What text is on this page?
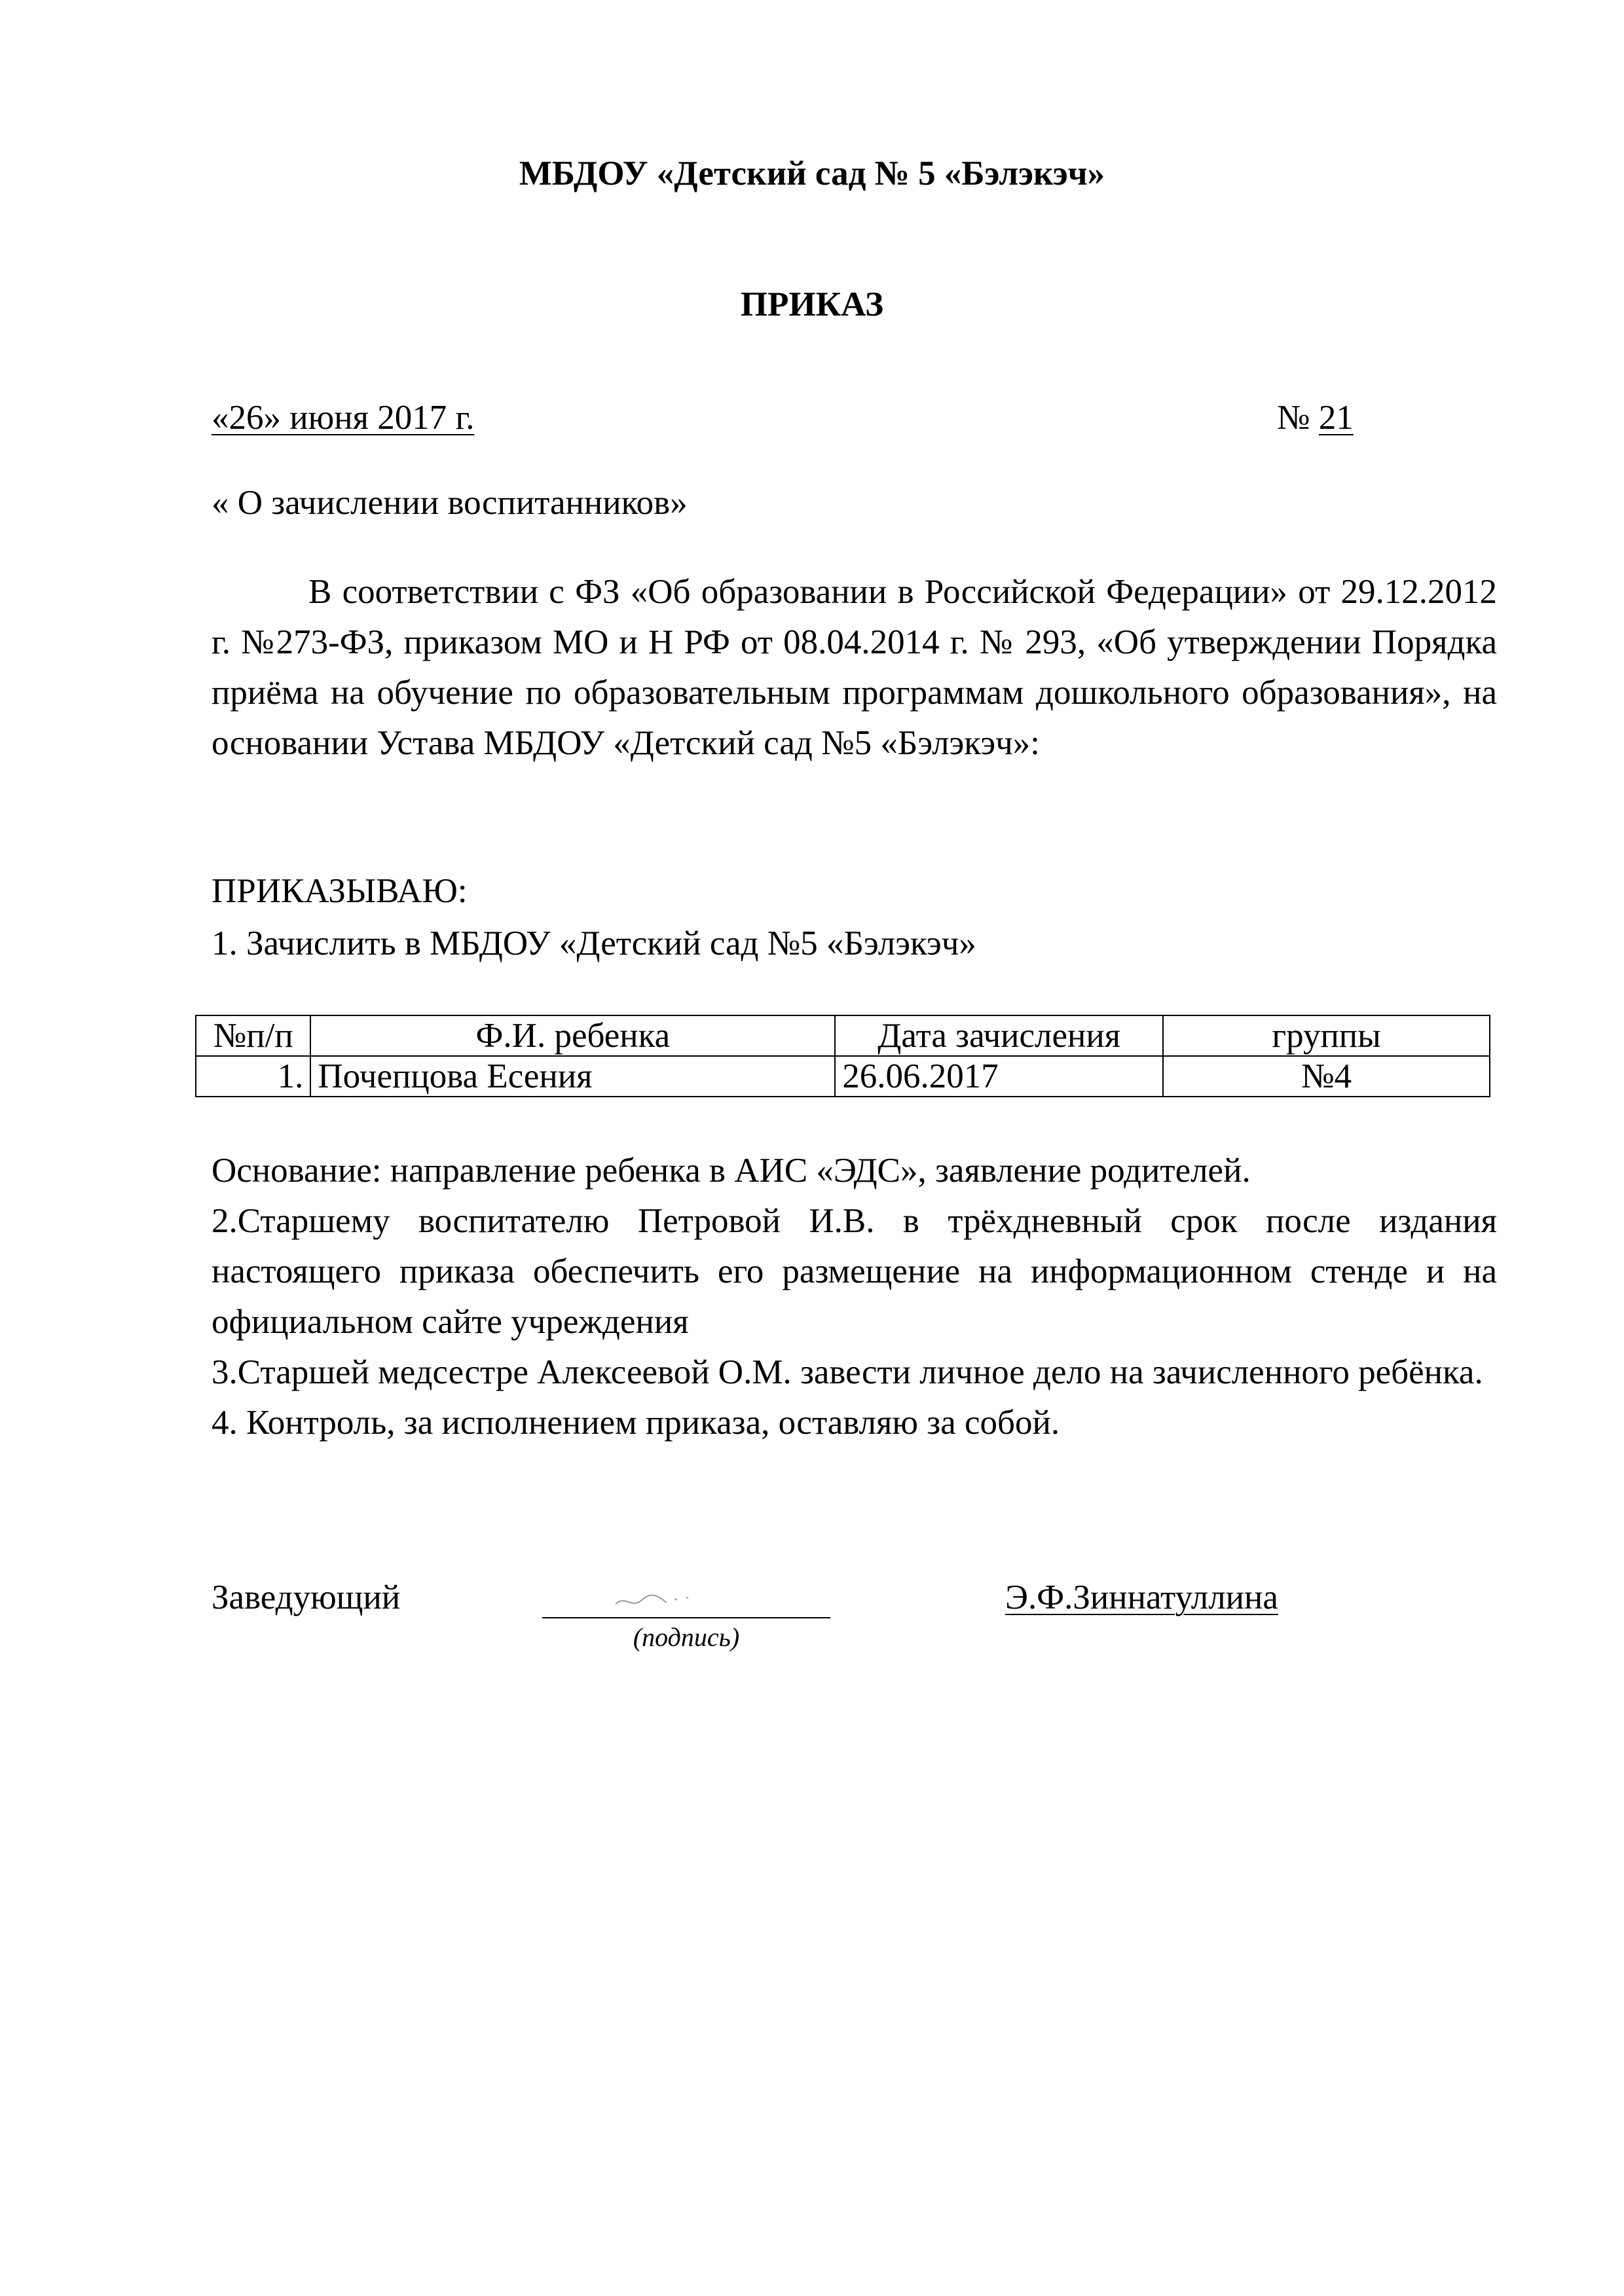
МБДОУ «Детский сад № 5 «Бэлэкэч»
ПРИКАЗ
«26» июня 2017 г.	№ 21
« О зачислении воспитанников»
В соответствии с ФЗ «Об образовании в Российской Федерации» от 29.12.2012 г. №273-ФЗ, приказом МО и Н РФ от 08.04.2014 г. № 293, «Об утверждении Порядка приёма на обучение по образовательным программам дошкольного образования», на основании Устава МБДОУ «Детский сад №5 «Бэлэкэч»:
ПРИКАЗЫВАЮ:
1. Зачислить в МБДОУ «Детский сад №5 «Бэлэкэч»
№п/п	Ф.И. ребенка	Дата зачисления	группы
1.	Почепцова Есения	26.06.2017	№4

Основание: направление ребенка в АИС «ЭДС», заявление родителей.

2.Старшему воспитателю Петровой И.В. в трёхдневный срок после издания настоящего приказа обеспечить его размещение на информационном стенде и на официальном сайте учреждения

3.Старшей медсестре Алексеевой О.М. завести личное дело на зачисленного ребёнка.

4. Контроль, за исполнением приказа, оставляю за собой.

Заведующий
(подпись)
Э.Ф.Зиннатуллина
